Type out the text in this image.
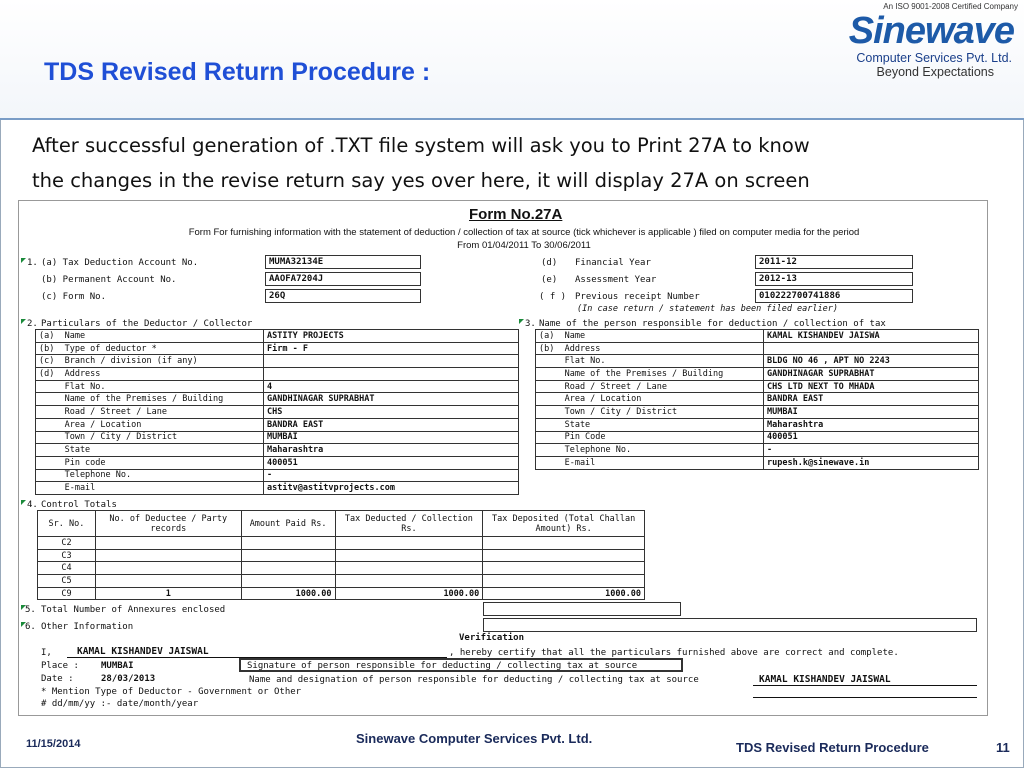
TDS Revised Return Procedure :
An ISO 9001-2008 Certified Company
Sinewave
Computer Services Pvt. Ltd.
Beyond Expectations
After successful generation of .TXT file system will ask you to Print 27A to know
the changes in the revise return say yes over here, it will display 27A on screen
Form No.27A
Form For furnishing information with the statement of deduction / collection of tax at source (tick whichever is applicable ) filed on computer media for the period
From 01/04/2011 To 30/06/2011
1. (a) Tax Deduction Account No.	MUMA32134E
(b) Permanent Account No.	AAOFA7204J
(c) Form No.	26Q
(d) Financial Year	2011-12
(e) Assessment Year	2012-13
( f ) Previous receipt Number	010222700741886
(In case return / statement has been filed earlier)
2. Particulars of the Deductor / Collector
(a)  Name	ASTITY PROJECTS
(b)  Type of deductor *	Firm - F
(c)  Branch / division (if any)	
(d)  Address	
Flat No.	4
Name of the Premises / Building	GANDHINAGAR SUPRABHAT
Road / Street / Lane	CHS
Area / Location	BANDRA EAST
Town / City / District	MUMBAI
State	Maharashtra
Pin code	400051
Telephone No.	-
E-mail	astitv@astitvprojects.com
3. Name of the person responsible for deduction / collection of tax
(a)  Name	KAMAL KISHANDEV JAISWA
(b)  Address	
Flat No.	BLDG NO 46 , APT NO 2243
Name of the Premises / Building	GANDHINAGAR SUPRABHAT
Road / Street / Lane	CHS LTD NEXT TO MHADA
Area / Location	BANDRA EAST
Town / City / District	MUMBAI
State	Maharashtra
Pin Code	400051
Telephone No.	-
E-mail	rupesh.k@sinewave.in
4. Control Totals
Sr. No.	No. of Deductee / Party records	Amount Paid Rs.	Tax Deducted / Collection Rs.	Tax Deposited (Total Challan Amount) Rs.
C2				
C3				
C4				
C5				
C9	1	1000.00	1000.00	1000.00
5. Total Number of Annexures enclosed
6. Other Information
Verification
I,	KAMAL KISHANDEV JAISWAL	, hereby certify that all the particulars furnished above are correct and complete.
Place : MUMBAI
Date :	28/03/2013
Signature of person responsible for deducting / collecting tax at source
Name and designation of person responsible for deducting / collecting tax at source	KAMAL KISHANDEV JAISWAL
* Mention Type of Deductor - Government or Other
# dd/mm/yy :- date/month/year
11/15/2014	Sinewave Computer Services Pvt. Ltd.
TDS Revised Return Procedure	11
